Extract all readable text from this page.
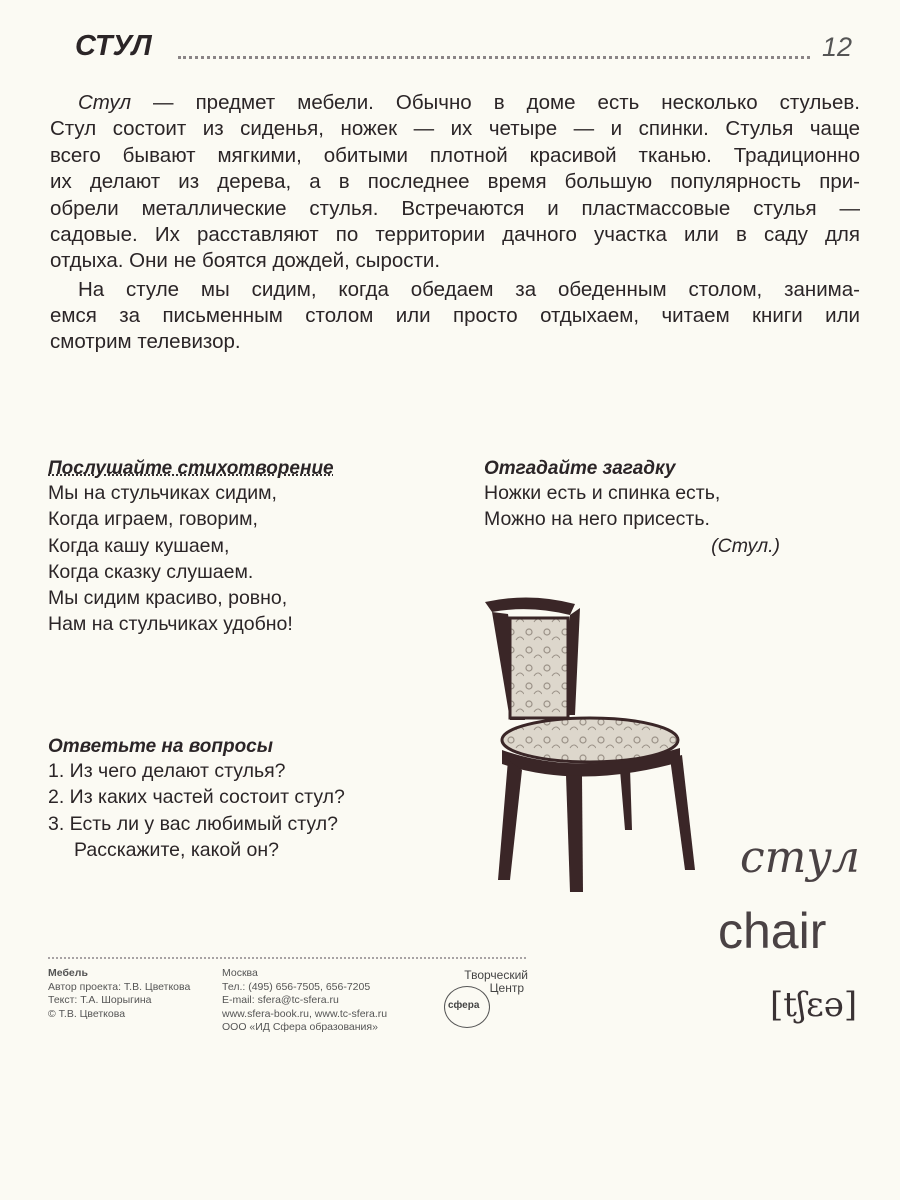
СТУЛ	12
Стул — предмет мебели. Обычно в доме есть несколько стульев.
Стул состоит из сиденья, ножек — их четыре — и спинки. Стулья чаще
всего бывают мягкими, обитыми плотной красивой тканью. Традиционно
их делают из дерева, а в последнее время большую популярность при-
обрели металлические стулья. Встречаются и пластмассовые стулья —
садовые. Их расставляют по территории дачного участка или в саду для
отдыха. Они не боятся дождей, сырости.
На стуле мы сидим, когда обедаем за обеденным столом, занима-
емся за письменным столом или просто отдыхаем, читаем книги или
смотрим телевизор.
Послушайте стихотворение
Мы на стульчиках сидим,
Когда играем, говорим,
Когда кашу кушаем,
Когда сказку слушаем.
Мы сидим красиво, ровно,
Нам на стульчиках удобно!
Отгадайте загадку
Ножки есть и спинка есть,
Можно на него присесть.
(Стул.)
Ответьте на вопросы
1. Из чего делают стулья?
2. Из каких частей состоит стул?
3. Есть ли у вас любимый стул?
Расскажите, какой он?	стул
chair
[tʃɛə]
Мебель
Автор проекта: Т.В. Цветкова
Текст: Т.А. Шорыгина
© Т.В. Цветкова
Москва
Тел.: (495) 656-7505, 656-7205
E-mail: sfera@tc-sfera.ru
www.sfera-book.ru, www.tc-sfera.ru
ООО «ИД Сфера образования»
Творческий
Центр
сфера
